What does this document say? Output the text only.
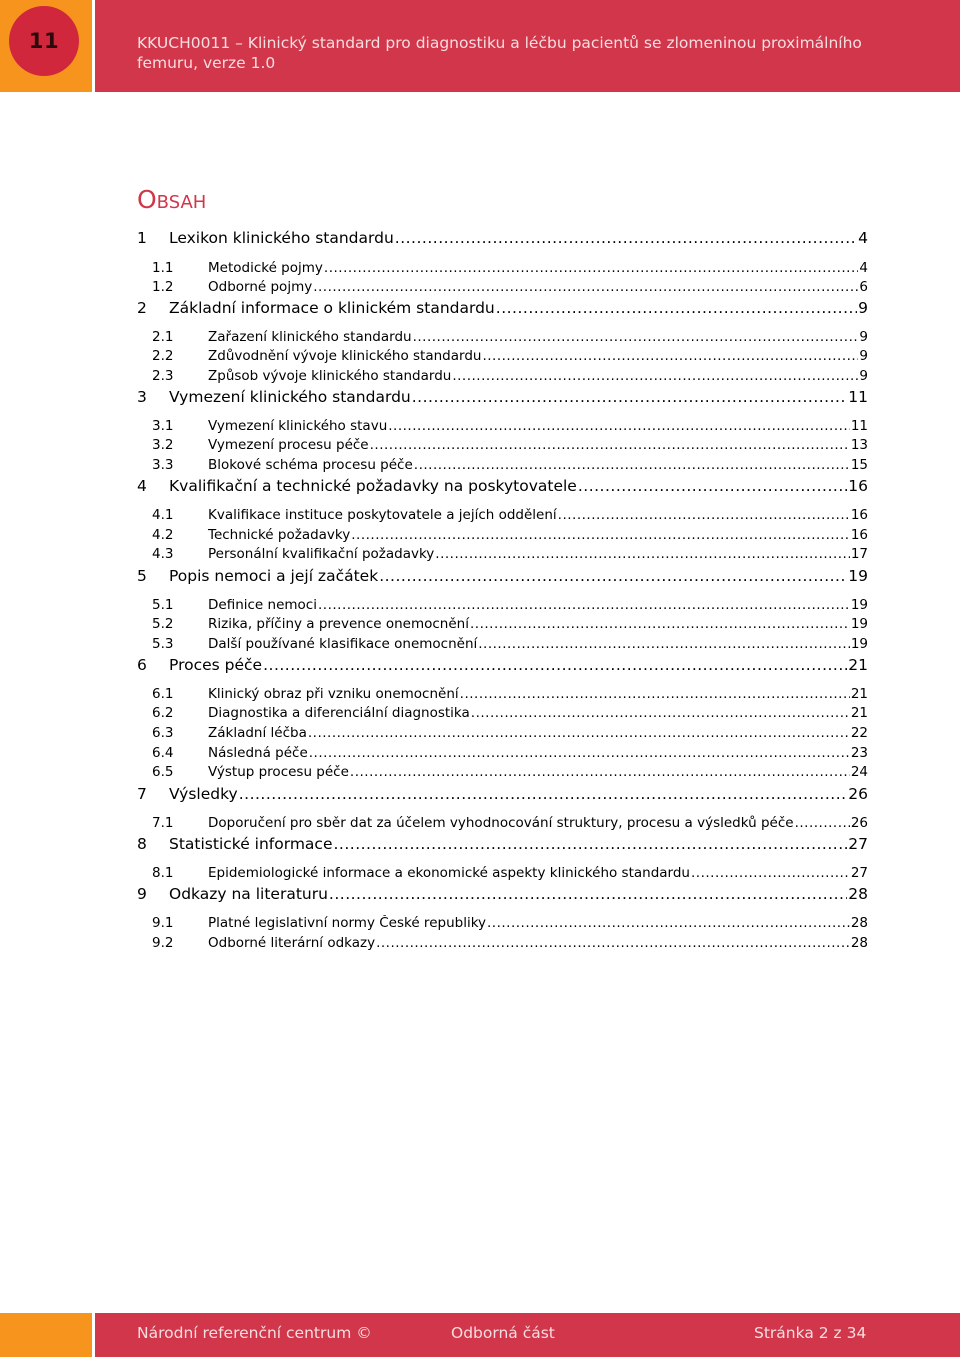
11	KKUCH0011 – Klinický standard pro diagnostiku a léčbu pacientů se zlomeninou proximálního femuru, verze 1.0
Obsah
1	Lexikon klinického standardu .....	4
1.1	Metodické pojmy .....	4
1.2	Odborné pojmy .....	6
2	Základní informace o klinickém standardu .....	9
2.1	Zařazení klinického standardu .....	9
2.2	Zdůvodnění vývoje klinického standardu .....	9
2.3	Způsob vývoje klinického standardu .....	9
3	Vymezení klinického standardu .....	11
3.1	Vymezení klinického stavu .....	11
3.2	Vymezení procesu péče .....	13
3.3	Blokové schéma procesu péče .....	15
4	Kvalifikační a technické požadavky na poskytovatele .....	16
4.1	Kvalifikace instituce poskytovatele a jejích oddělení .....	16
4.2	Technické požadavky .....	16
4.3	Personální kvalifikační požadavky .....	17
5	Popis nemoci a její začátek .....	19
5.1	Definice nemoci .....	19
5.2	Rizika, příčiny a prevence onemocnění .....	19
5.3	Další používané klasifikace onemocnění .....	19
6	Proces péče .....	21
6.1	Klinický obraz při vzniku onemocnění .....	21
6.2	Diagnostika a diferenciální diagnostika .....	21
6.3	Základní léčba .....	22
6.4	Následná péče .....	23
6.5	Výstup procesu péče .....	24
7	Výsledky .....	26
7.1	Doporučení pro sběr dat za účelem vyhodnocování struktury, procesu a výsledků péče .....	26
8	Statistické informace .....	27
8.1	Epidemiologické informace a ekonomické aspekty klinického standardu .....	27
9	Odkazy na literaturu .....	28
9.1	Platné legislativní normy České republiky .....	28
9.2	Odborné literární odkazy .....	28
Národní referenční centrum ©	Odborná část	Stránka 2 z 34
